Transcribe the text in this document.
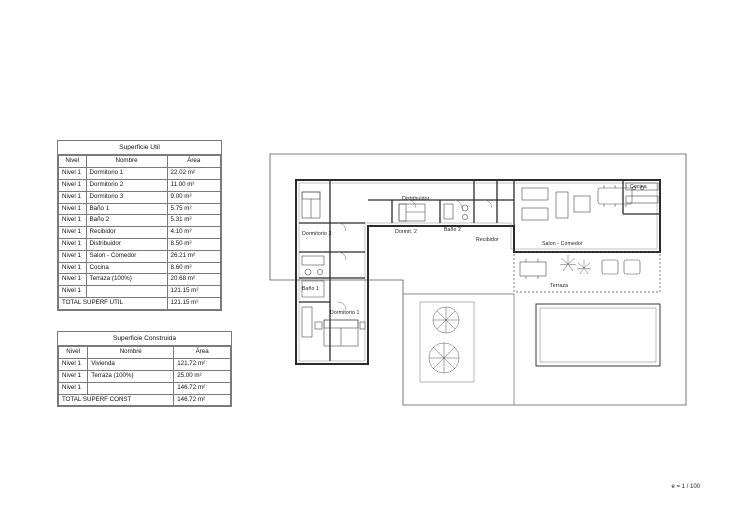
Superficie Util
Nivel	Nombre	Área
Nivel 1	Dormitorio 1	22.02 m²
Nivel 1	Dormitorio 2	11.00 m²
Nivel 1	Dormitorio 3	9.00 m²
Nivel 1	Baño 1	5.75 m²
Nivel 1	Baño 2	5.31 m²
Nivel 1	Recibidor	4.10 m²
Nivel 1	Distribuidor	8.50 m²
Nivel 1	Salon - Comedor	26.21 m²
Nivel 1	Cocina	8.60 m²
Nivel 1	Terraza (100%)	20.68 m²
Nivel 1		121.15 m²
TOTAL SUPERF UTIL		121.15 m²
Superficie Construida
Nivel	Nombre	Área
Nivel 1	Vivienda	121.72 m²
Nivel 1	Terraza (100%)	25.00 m²
Nivel 1		146.72 m²
TOTAL SUPERF CONST		146.72 m²
Distribuidor
Cocina
Dormitorio 3	Dormit. 2	Baño 2
Recibidor
Salon - Comedor
Baño 1
Dormitorio 1
Terraza
e = 1 / 100
